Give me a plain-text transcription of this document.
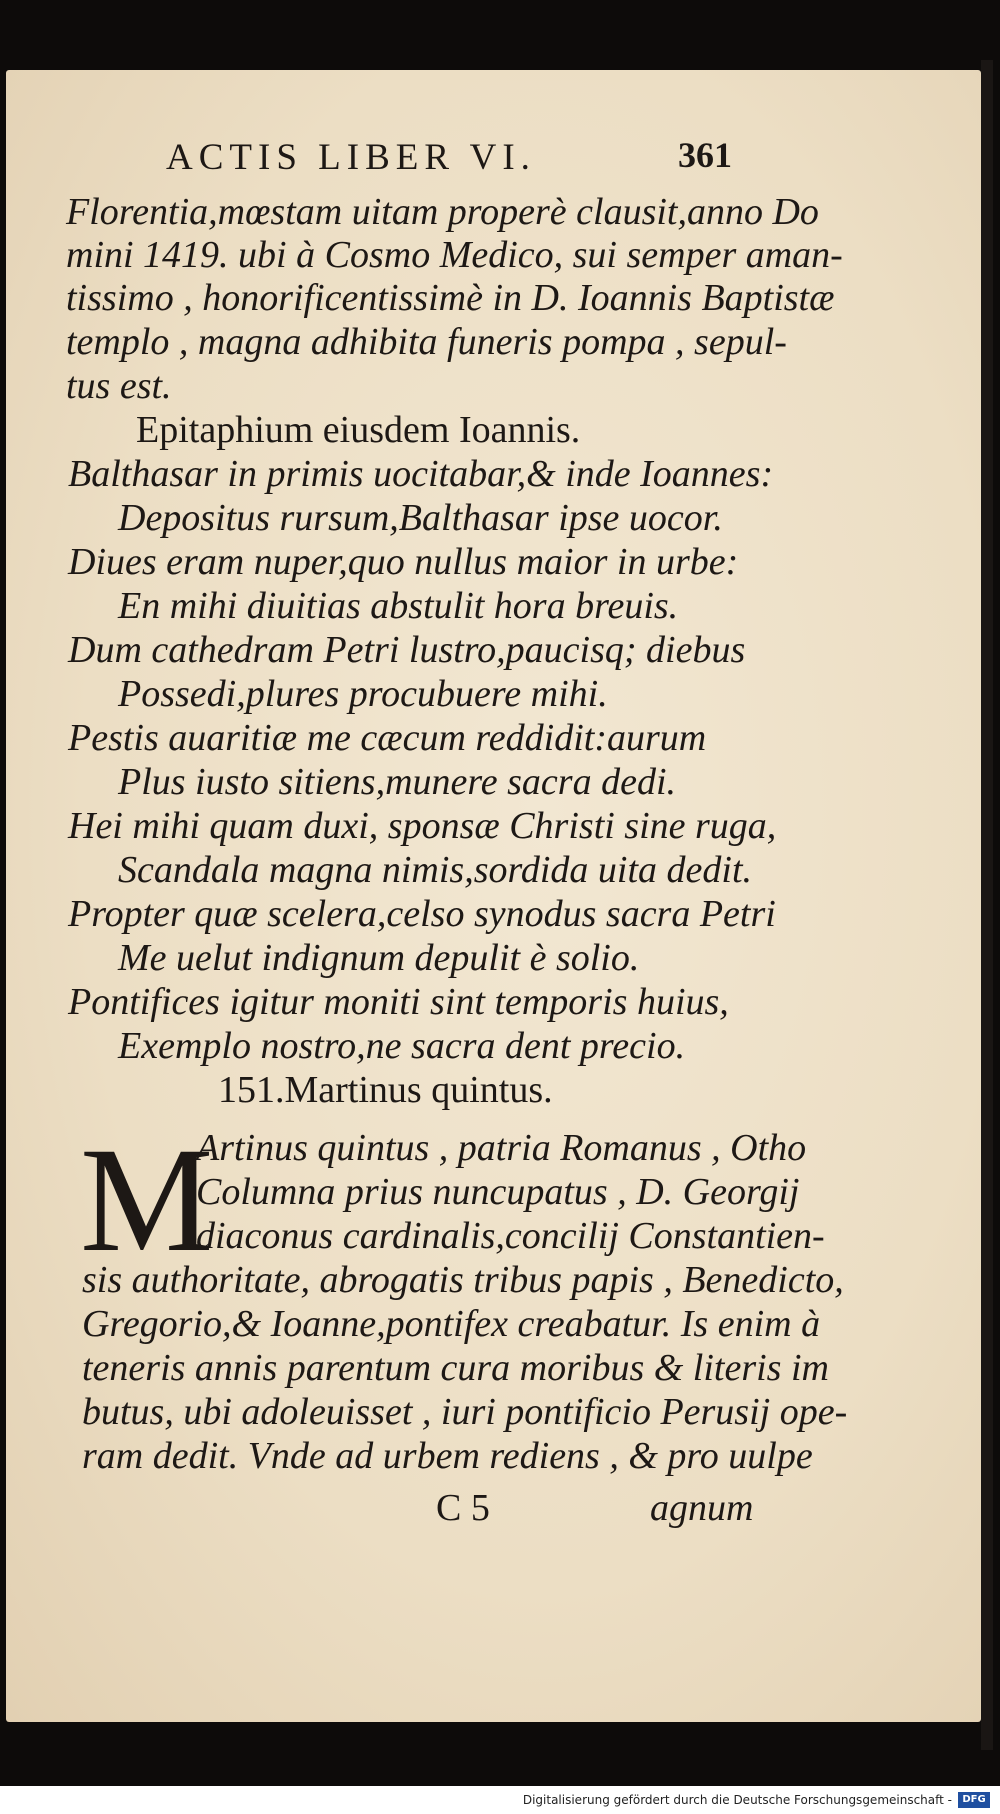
ACTIS LIBER VI.	361
Florentia,mœstam uitam properè clausit,anno Do
mini 1419. ubi à Cosmo Medico, sui semper aman-
tissimo , honorificentissimè in D. Ioannis Baptistæ
templo , magna adhibita funeris pompa , sepul-
tus est.
Epitaphium eiusdem Ioannis.
Balthasar in primis uocitabar,& inde Ioannes:
Depositus rursum,Balthasar ipse uocor.
Diues eram nuper,quo nullus maior in urbe:
En mihi diuitias abstulit hora breuis.
Dum cathedram Petri lustro,paucisq; diebus
Possedi,plures procubuere mihi.
Pestis auaritiæ me cæcum reddidit:aurum
Plus iusto sitiens,munere sacra dedi.
Hei mihi quam duxi, sponsæ Christi sine ruga,
Scandala magna nimis,sordida uita dedit.
Propter quæ scelera,celso synodus sacra Petri
Me uelut indignum depulit è solio.
Pontifices igitur moniti sint temporis huius,
Exemplo nostro,ne sacra dent precio.
151.Martinus quintus.
M
Artinus quintus , patria Romanus , Otho
Columna prius nuncupatus , D. Georgij
diaconus cardinalis,concilij Constantien-
sis authoritate, abrogatis tribus papis , Benedicto,
Gregorio,& Ioanne,pontifex creabatur. Is enim à
teneris annis parentum cura moribus & literis im
butus, ubi adoleuisset , iuri pontificio Perusij ope-
ram dedit. Vnde ad urbem rediens , & pro uulpe
C 5	agnum
Digitalisierung gefördert durch die Deutsche Forschungsgemeinschaft -	DFG
